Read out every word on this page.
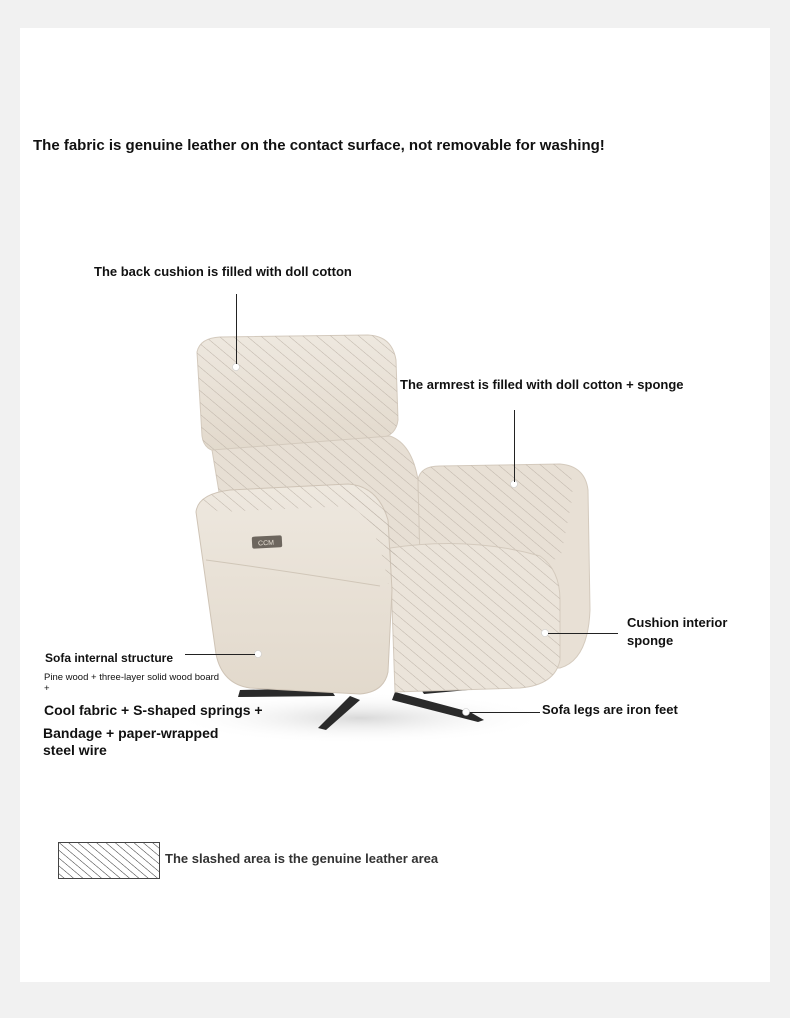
CCM
The fabric is genuine leather on the contact surface, not removable for washing!
The back cushion is filled with doll cotton
The armrest is filled with doll cotton + sponge
Cushion interior
sponge
Sofa internal structure
Pine wood + three-layer solid wood board
+
Cool fabric + S-shaped springs +
Bandage + paper-wrapped
steel wire
Sofa legs are iron feet
The slashed area is the genuine leather area
